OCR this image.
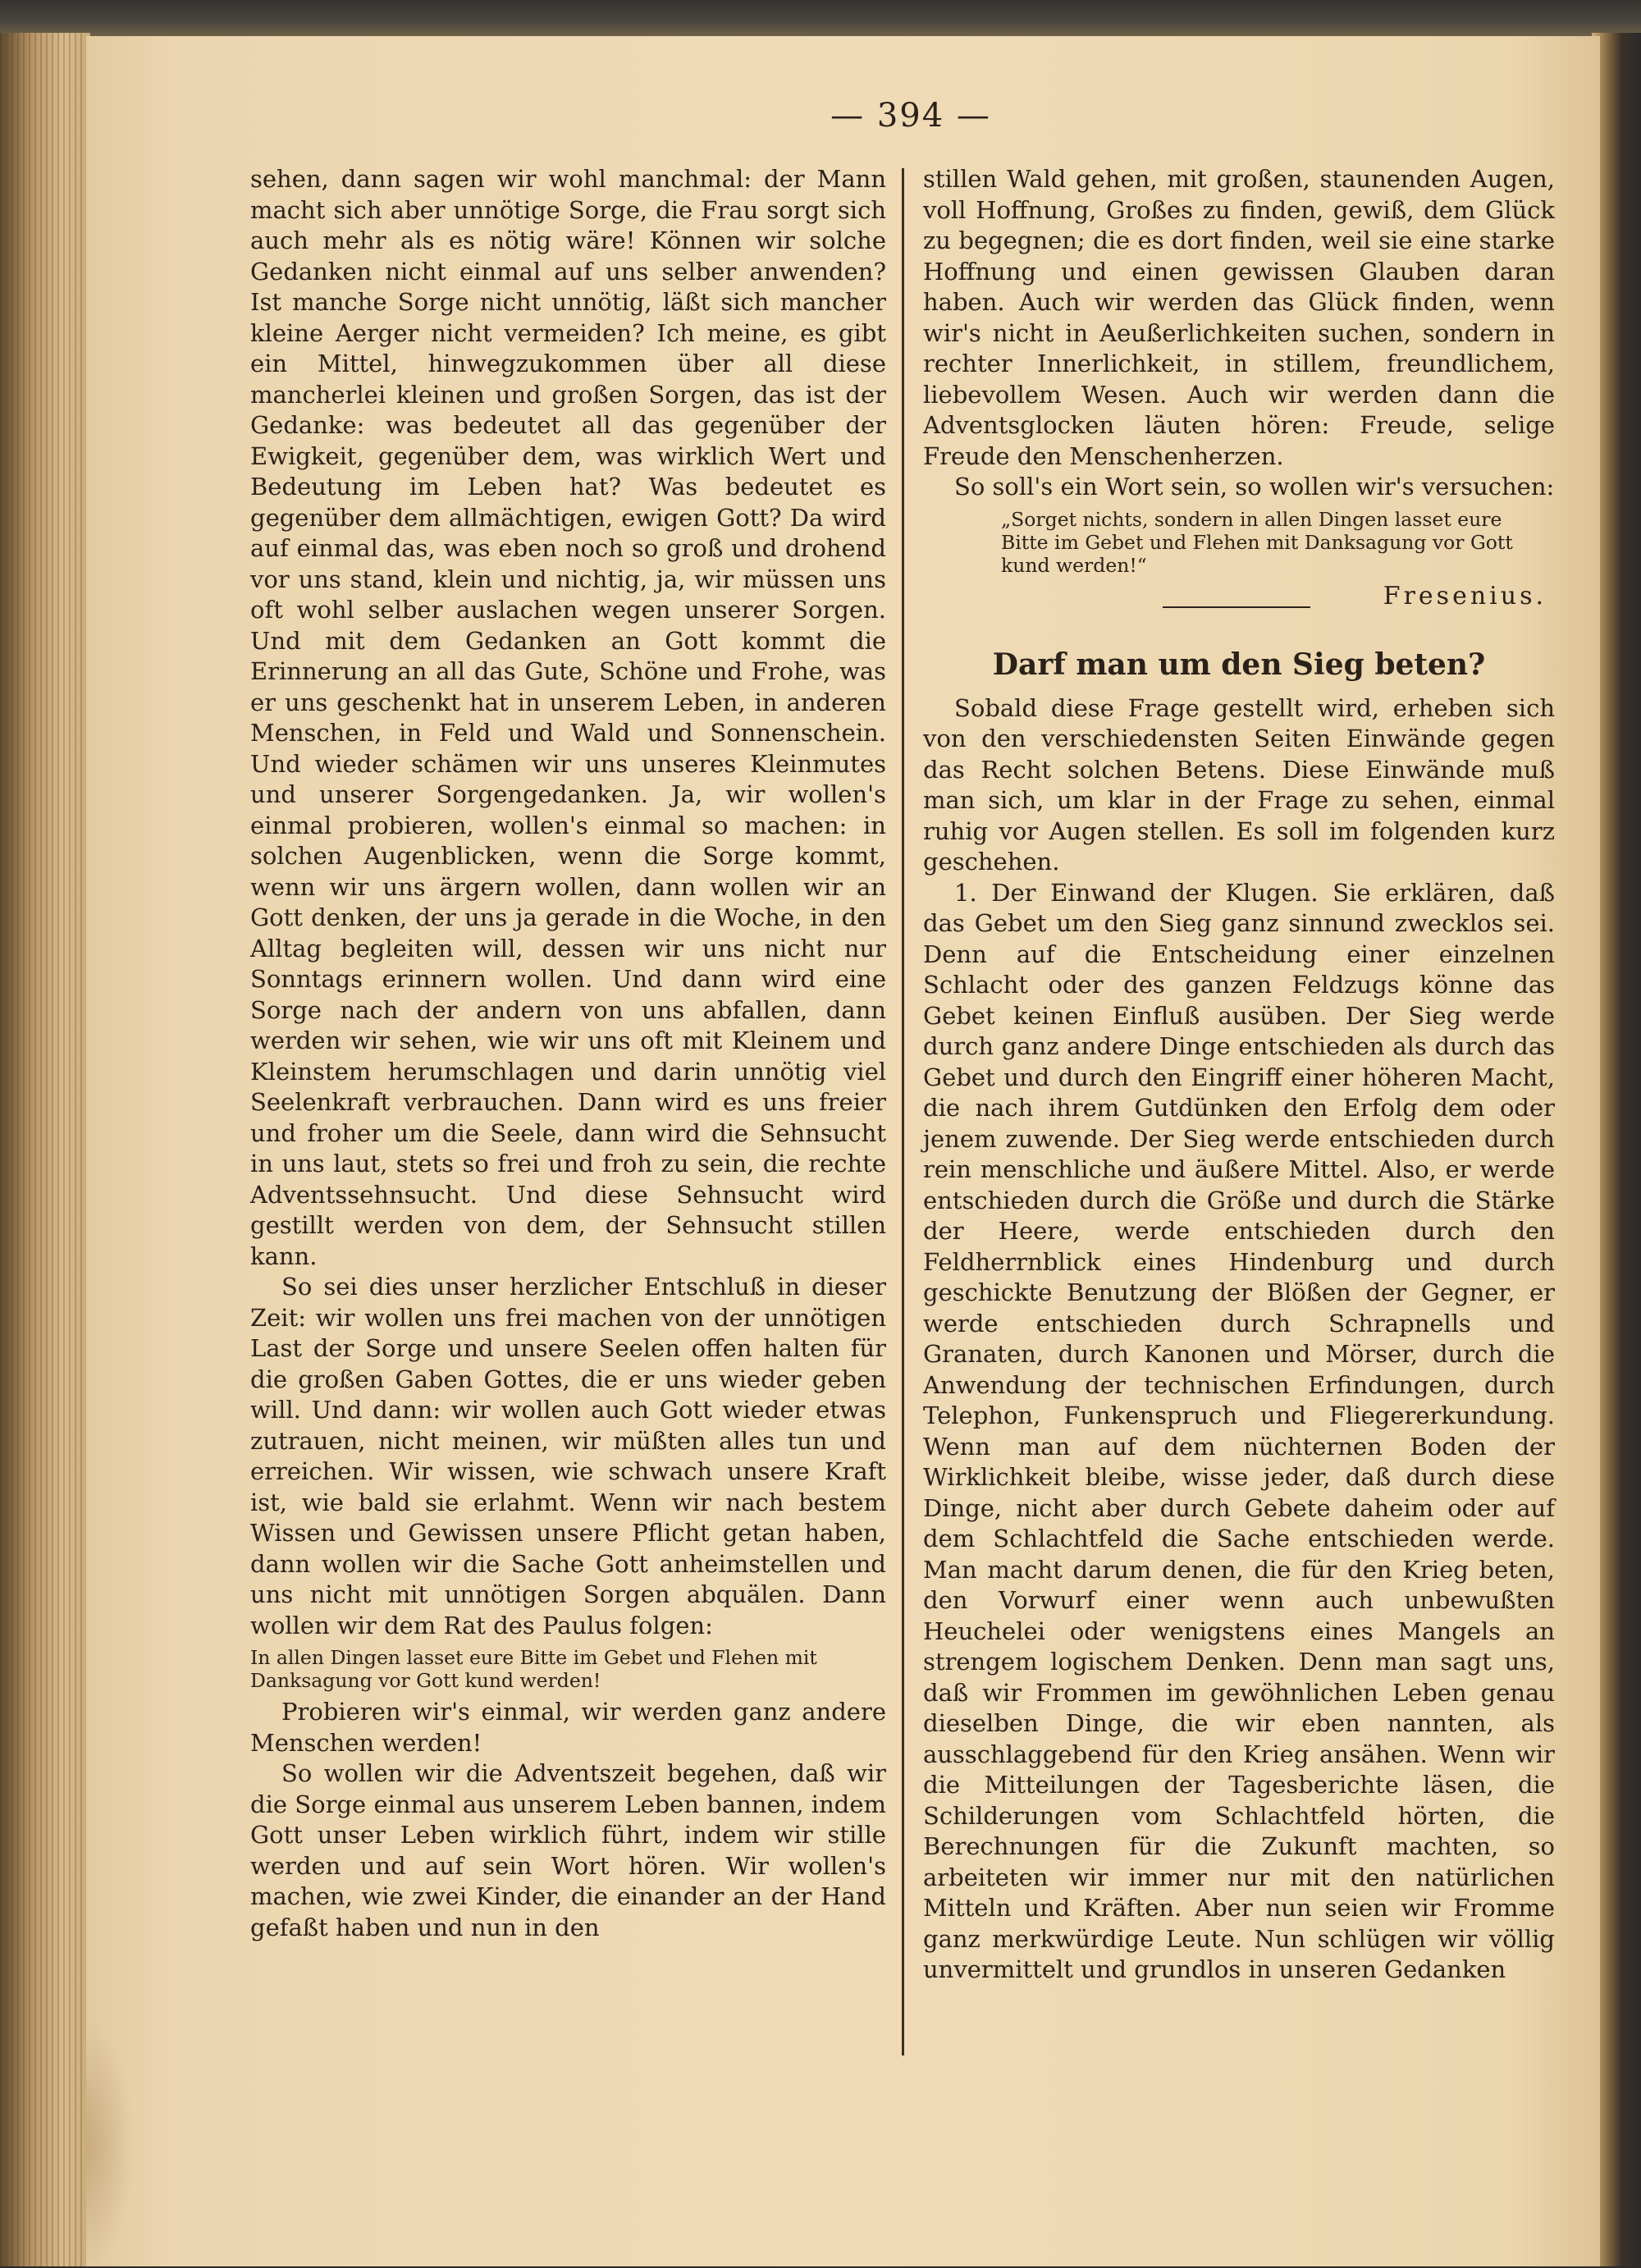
— 394 —

sehen, dann sagen wir wohl manchmal: der Mann macht sich aber unnötige Sorge, die Frau sorgt sich auch mehr als es nötig wäre! Können wir solche Gedanken nicht einmal auf uns selber anwenden? Ist manche Sorge nicht unnötig, läßt sich mancher kleine Aerger nicht vermeiden? Ich meine, es gibt ein Mittel, hinwegzukommen über all diese mancherlei kleinen und großen Sorgen, das ist der Gedanke: was bedeutet all das gegenüber der Ewigkeit, gegenüber dem, was wirklich Wert und Bedeutung im Leben hat? Was bedeutet es gegenüber dem allmächtigen, ewigen Gott? Da wird auf einmal das, was eben noch so groß und drohend vor uns stand, klein und nichtig, ja, wir müssen uns oft wohl selber auslachen wegen unserer Sorgen. Und mit dem Gedanken an Gott kommt die Erinnerung an all das Gute, Schöne und Frohe, was er uns geschenkt hat in unserem Leben, in anderen Menschen, in Feld und Wald und Sonnenschein. Und wieder schämen wir uns unseres Kleinmutes und unserer Sorgengedanken. Ja, wir wollen's einmal probieren, wollen's einmal so machen: in solchen Augenblicken, wenn die Sorge kommt, wenn wir uns ärgern wollen, dann wollen wir an Gott denken, der uns ja gerade in die Woche, in den Alltag begleiten will, dessen wir uns nicht nur Sonntags erinnern wollen. Und dann wird eine Sorge nach der andern von uns abfallen, dann werden wir sehen, wie wir uns oft mit Kleinem und Kleinstem herumschlagen und darin unnötig viel Seelenkraft verbrauchen. Dann wird es uns freier und froher um die Seele, dann wird die Sehnsucht in uns laut, stets so frei und froh zu sein, die rechte Adventssehnsucht. Und diese Sehnsucht wird gestillt werden von dem, der Sehnsucht stillen kann.

So sei dies unser herzlicher Entschluß in dieser Zeit: wir wollen uns frei machen von der unnötigen Last der Sorge und unsere Seelen offen halten für die großen Gaben Gottes, die er uns wieder geben will. Und dann: wir wollen auch Gott wieder etwas zutrauen, nicht meinen, wir müßten alles tun und erreichen. Wir wissen, wie schwach unsere Kraft ist, wie bald sie erlahmt. Wenn wir nach bestem Wissen und Gewissen unsere Pflicht getan haben, dann wollen wir die Sache Gott anheimstellen und uns nicht mit unnötigen Sorgen abquälen. Dann wollen wir dem Rat des Paulus folgen:

In allen Dingen lasset eure Bitte im Gebet und Flehen mit Danksagung vor Gott kund werden!

Probieren wir's einmal, wir werden ganz andere Menschen werden!

So wollen wir die Adventszeit begehen, daß wir die Sorge einmal aus unserem Leben bannen, indem Gott unser Leben wirklich führt, indem wir stille werden und auf sein Wort hören. Wir wollen's machen, wie zwei Kinder, die einander an der Hand gefaßt haben und nun in den

stillen Wald gehen, mit großen, staunenden Augen, voll Hoffnung, Großes zu finden, gewiß, dem Glück zu begegnen; die es dort finden, weil sie eine starke Hoffnung und einen gewissen Glauben daran haben. Auch wir werden das Glück finden, wenn wir's nicht in Aeußerlichkeiten suchen, sondern in rechter Innerlichkeit, in stillem, freundlichem, liebevollem Wesen. Auch wir werden dann die Adventsglocken läuten hören: Freude, selige Freude den Menschenherzen.

So soll's ein Wort sein, so wollen wir's versuchen:

„Sorget nichts, sondern in allen Dingen lasset eure Bitte im Gebet und Flehen mit Danksagung vor Gott kund werden!“

Fresenius.
Darf man um den Sieg beten?

Sobald diese Frage gestellt wird, erheben sich von den verschiedensten Seiten Einwände gegen das Recht solchen Betens. Diese Einwände muß man sich, um klar in der Frage zu sehen, einmal ruhig vor Augen stellen. Es soll im folgenden kurz geschehen.

1. Der Einwand der Klugen. Sie erklären, daß das Gebet um den Sieg ganz sinnund zwecklos sei. Denn auf die Entscheidung einer einzelnen Schlacht oder des ganzen Feldzugs könne das Gebet keinen Einfluß ausüben. Der Sieg werde durch ganz andere Dinge entschieden als durch das Gebet und durch den Eingriff einer höheren Macht, die nach ihrem Gutdünken den Erfolg dem oder jenem zuwende. Der Sieg werde entschieden durch rein menschliche und äußere Mittel. Also, er werde entschieden durch die Größe und durch die Stärke der Heere, werde entschieden durch den Feldherrnblick eines Hindenburg und durch geschickte Benutzung der Blößen der Gegner, er werde entschieden durch Schrapnells und Granaten, durch Kanonen und Mörser, durch die Anwendung der technischen Erfindungen, durch Telephon, Funkenspruch und Fliegererkundung. Wenn man auf dem nüchternen Boden der Wirklichkeit bleibe, wisse jeder, daß durch diese Dinge, nicht aber durch Gebete daheim oder auf dem Schlachtfeld die Sache entschieden werde. Man macht darum denen, die für den Krieg beten, den Vorwurf einer wenn auch unbewußten Heuchelei oder wenigstens eines Mangels an strengem logischem Denken. Denn man sagt uns, daß wir Frommen im gewöhnlichen Leben genau dieselben Dinge, die wir eben nannten, als ausschlaggebend für den Krieg ansähen. Wenn wir die Mitteilungen der Tagesberichte läsen, die Schilderungen vom Schlachtfeld hörten, die Berechnungen für die Zukunft machten, so arbeiteten wir immer nur mit den natürlichen Mitteln und Kräften. Aber nun seien wir Fromme ganz merkwürdige Leute. Nun schlügen wir völlig unvermittelt und grundlos in unseren Gedanken
